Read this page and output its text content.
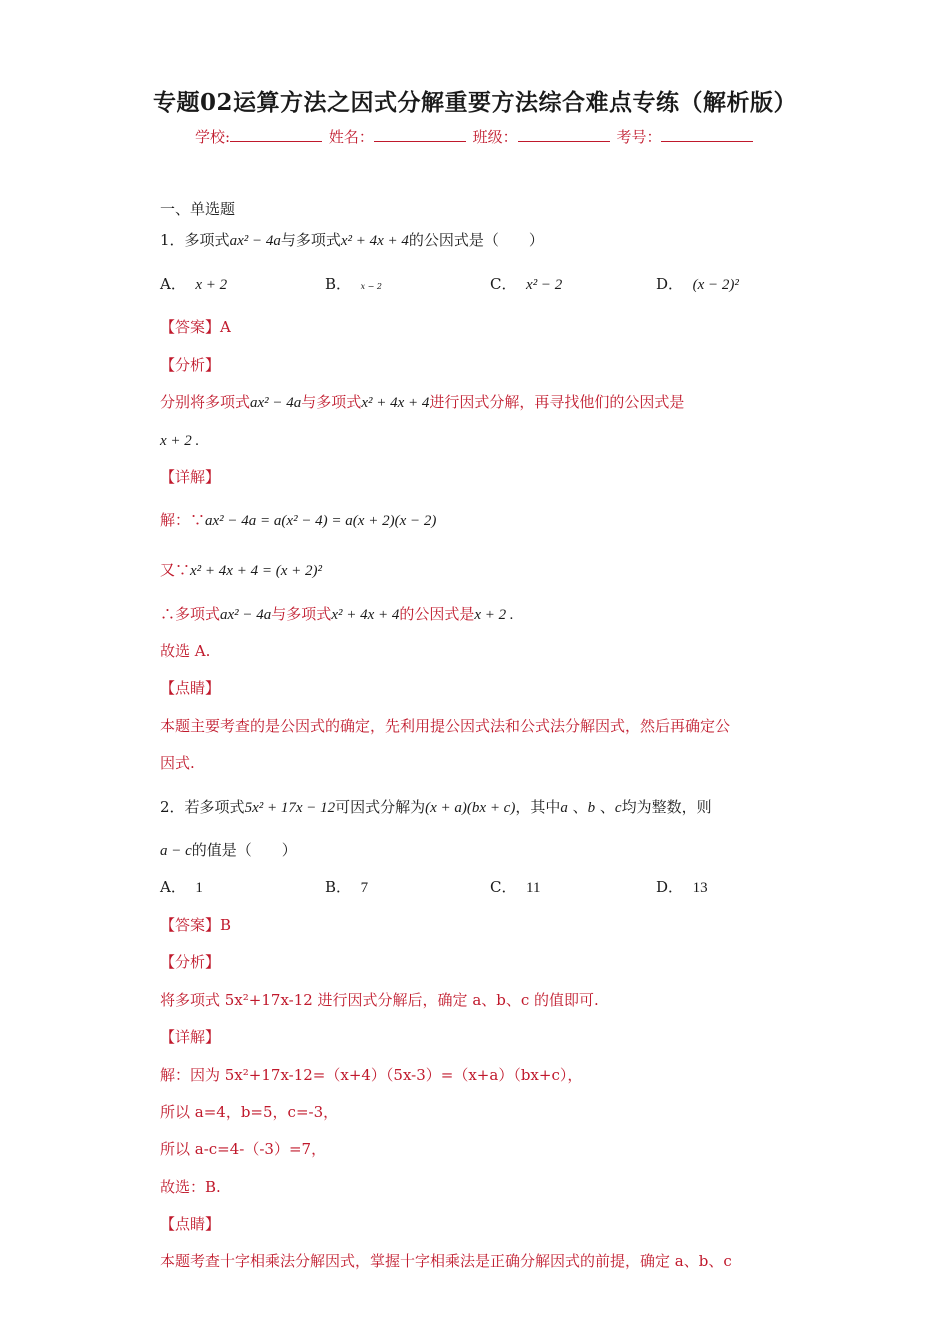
专题02运算方法之因式分解重要方法综合难点专练（解析版）
学校:	姓名：	班级：	考号：
一、单选题
1．多项式ax² − 4a与多项式x² + 4x + 4的公因式是（　　）
A． x + 2	B． x − 2	C． x² − 2	D． (x − 2)²
【答案】A
【分析】
分别将多项式ax² − 4a与多项式x² + 4x + 4进行因式分解，再寻找他们的公因式是
x + 2 .
【详解】
解：∵ax² − 4a = a(x² − 4) = a(x + 2)(x − 2)
又∵x² + 4x + 4 = (x + 2)²
∴多项式ax² − 4a与多项式x² + 4x + 4的公因式是x + 2 .
故选 A.
【点睛】
本题主要考查的是公因式的确定，先利用提公因式法和公式法分解因式，然后再确定公
因式.
2．若多项式5x² + 17x − 12可因式分解为(x + a)(bx + c)，其中a 、b 、c均为整数，则
a − c的值是（　　）
A． 1	B． 7	C． 11	D． 13
【答案】B
【分析】
将多项式 5x²+17x-12 进行因式分解后，确定 a、b、c 的值即可.
【详解】
解：因为 5x²+17x-12=（x+4）（5x-3）=（x+a）（bx+c），
所以 a=4，b=5，c=-3，
所以 a-c=4-（-3）=7，
故选：B.
【点睛】
本题考查十字相乘法分解因式，掌握十字相乘法是正确分解因式的前提，确定 a、b、c
